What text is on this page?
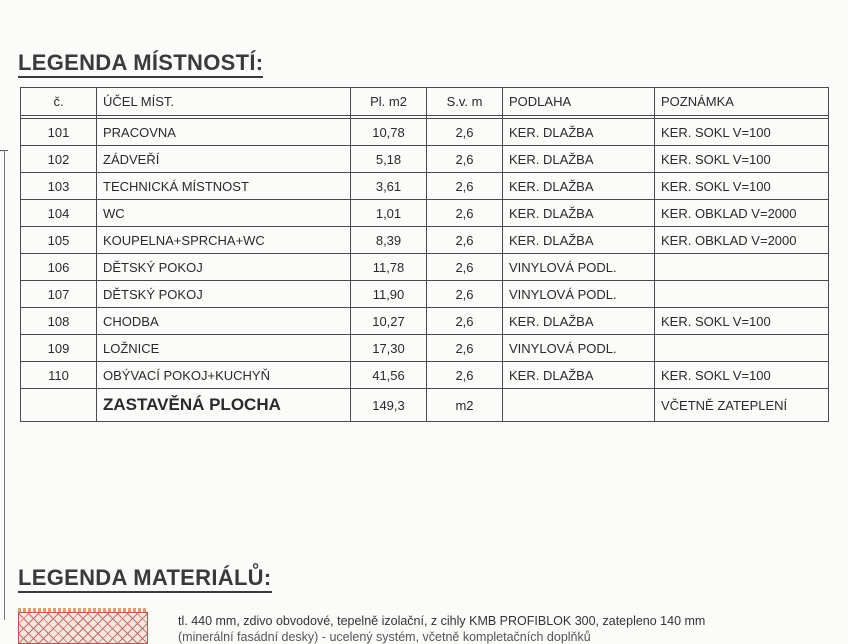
LEGENDA MÍSTNOSTÍ:
č.	ÚČEL MÍST.	Pl. m2	S.v. m	PODLAHA	POZNÁMKA

101	PRACOVNA	10,78	2,6	KER. DLAŽBA	KER. SOKL V=100
102	ZÁDVEŘÍ	5,18	2,6	KER. DLAŽBA	KER. SOKL V=100
103	TECHNICKÁ MÍSTNOST	3,61	2,6	KER. DLAŽBA	KER. SOKL V=100
104	WC	1,01	2,6	KER. DLAŽBA	KER. OBKLAD V=2000
105	KOUPELNA+SPRCHA+WC	8,39	2,6	KER. DLAŽBA	KER. OBKLAD V=2000
106	DĚTSKÝ POKOJ	11,78	2,6	VINYLOVÁ PODL.	
107	DĚTSKÝ POKOJ	11,90	2,6	VINYLOVÁ PODL.	
108	CHODBA	10,27	2,6	KER. DLAŽBA	KER. SOKL V=100
109	LOŽNICE	17,30	2,6	VINYLOVÁ PODL.	
110	OBÝVACÍ POKOJ+KUCHYŇ	41,56	2,6	KER. DLAŽBA	KER. SOKL V=100
	ZASTAVĚNÁ PLOCHA	149,3	m2		VČETNĚ ZATEPLENÍ
LEGENDA MATERIÁLŮ:
tl. 440 mm, zdivo obvodové, tepelně izolační, z cihly KMB PROFIBLOK 300, zatepleno 140 mm
(minerální fasádní desky) - ucelený systém, včetně kompletačních doplňků
